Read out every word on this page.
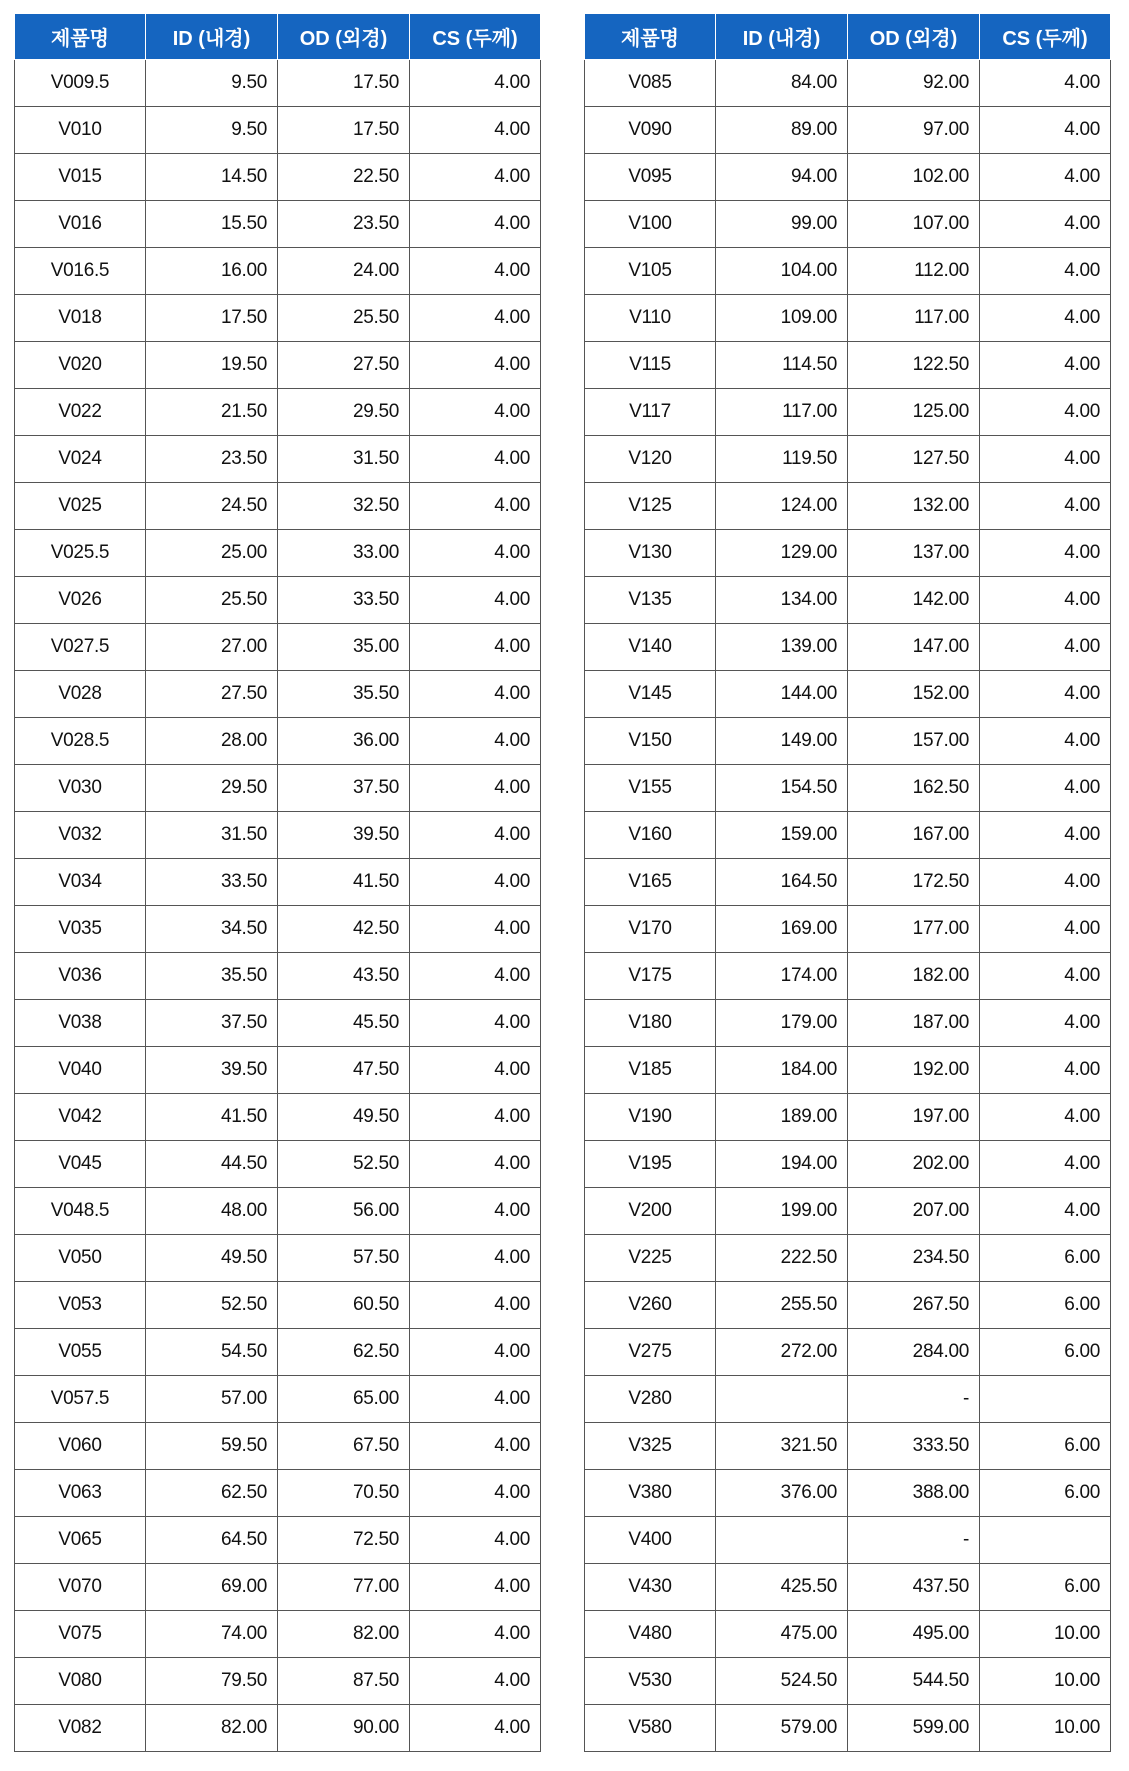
제품명	ID (내경)	OD (외경)	CS (두께)
V009.5	9.50	17.50	4.00
V010	9.50	17.50	4.00
V015	14.50	22.50	4.00
V016	15.50	23.50	4.00
V016.5	16.00	24.00	4.00
V018	17.50	25.50	4.00
V020	19.50	27.50	4.00
V022	21.50	29.50	4.00
V024	23.50	31.50	4.00
V025	24.50	32.50	4.00
V025.5	25.00	33.00	4.00
V026	25.50	33.50	4.00
V027.5	27.00	35.00	4.00
V028	27.50	35.50	4.00
V028.5	28.00	36.00	4.00
V030	29.50	37.50	4.00
V032	31.50	39.50	4.00
V034	33.50	41.50	4.00
V035	34.50	42.50	4.00
V036	35.50	43.50	4.00
V038	37.50	45.50	4.00
V040	39.50	47.50	4.00
V042	41.50	49.50	4.00
V045	44.50	52.50	4.00
V048.5	48.00	56.00	4.00
V050	49.50	57.50	4.00
V053	52.50	60.50	4.00
V055	54.50	62.50	4.00
V057.5	57.00	65.00	4.00
V060	59.50	67.50	4.00
V063	62.50	70.50	4.00
V065	64.50	72.50	4.00
V070	69.00	77.00	4.00
V075	74.00	82.00	4.00
V080	79.50	87.50	4.00
V082	82.00	90.00	4.00
제품명	ID (내경)	OD (외경)	CS (두께)
V085	84.00	92.00	4.00
V090	89.00	97.00	4.00
V095	94.00	102.00	4.00
V100	99.00	107.00	4.00
V105	104.00	112.00	4.00
V110	109.00	117.00	4.00
V115	114.50	122.50	4.00
V117	117.00	125.00	4.00
V120	119.50	127.50	4.00
V125	124.00	132.00	4.00
V130	129.00	137.00	4.00
V135	134.00	142.00	4.00
V140	139.00	147.00	4.00
V145	144.00	152.00	4.00
V150	149.00	157.00	4.00
V155	154.50	162.50	4.00
V160	159.00	167.00	4.00
V165	164.50	172.50	4.00
V170	169.00	177.00	4.00
V175	174.00	182.00	4.00
V180	179.00	187.00	4.00
V185	184.00	192.00	4.00
V190	189.00	197.00	4.00
V195	194.00	202.00	4.00
V200	199.00	207.00	4.00
V225	222.50	234.50	6.00
V260	255.50	267.50	6.00
V275	272.00	284.00	6.00
V280		-	
V325	321.50	333.50	6.00
V380	376.00	388.00	6.00
V400		-	
V430	425.50	437.50	6.00
V480	475.00	495.00	10.00
V530	524.50	544.50	10.00
V580	579.00	599.00	10.00
